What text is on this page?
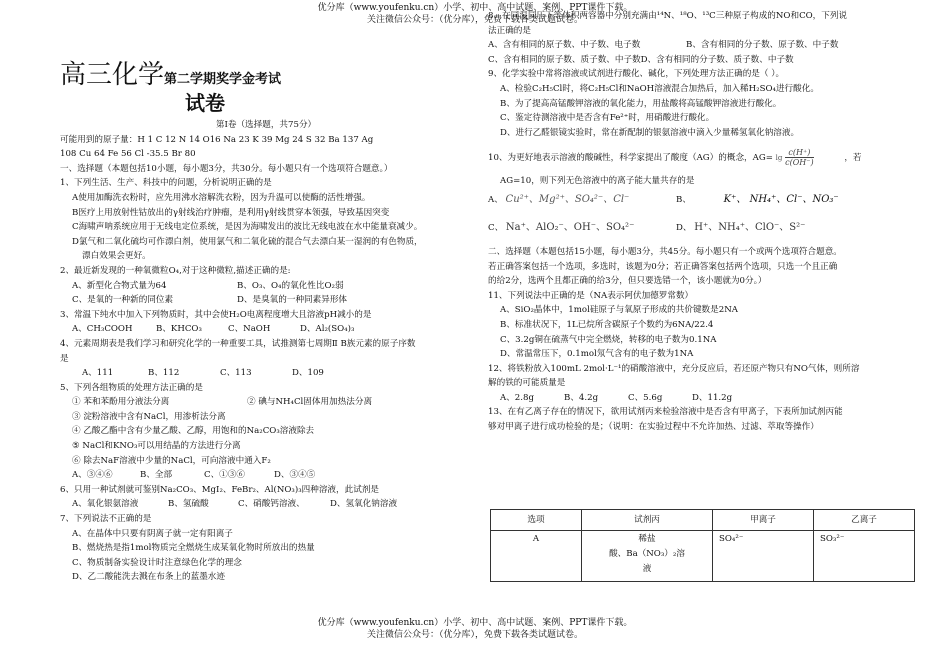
优分库（www.youfenku.cn）小学、初中、高中试题、案例、PPT课件下载。
关注微信公众号：（优分库），免费下载各类试题试卷。
高三化学第二学期奖学金考试
试卷
第Ⅰ卷（选择题，共75分）
可能用到的原子量：H 1 C 12 N 14 O16 Na 23 K 39 Mg 24 S 32 Ba 137 Ag
108 Cu 64 Fe 56 Cl -35.5 Br 80
一、选择题（本题包括10小题，每小题3分，共30分。每小题只有一个选项符合题意。）
1、下列生活、生产、科技中的问题，分析说明正确的是
A使用加酶洗衣粉时，应先用沸水溶解洗衣粉，因为升温可以使酶的活性增强。
B医疗上用放射性钴放出的γ射线治疗肿瘤，是利用γ射线贯穿本领强，导致基因突变
C海啸声呐系统应用于无线电定位系统，是因为海啸发出的波比无线电波在水中能量衰减少。
D氯气和二氧化硫均可作漂白剂，使用氯气和二氧化硫的混合气去漂白某一湿润的有色物质，
漂白效果会更好。
2、最近新发现的一种氧微粒O₄,对于这种微粒,描述正确的是:
A、新型化合物式量为64	B、O₃、O₄的氧化性比O₂弱
C、是氧的一种新的同位素	D、是臭氧的一种同素异形体
3、常温下纯水中加入下列物质时，其中会使H₂O电离程度增大且溶液pH减小的是
A、CH₃COOH	B、KHCO₃	C、NaOH	D、Al₂(SO₄)₃
4、元素周期表是我们学习和研究化学的一种重要工具，试推测第七周期Ⅱ B族元素的原子序数
是
A、111	B、112	C、113	D、109
5、下列各组物质的处理方法正确的是
① 苯和苯酚用分液法分离	② 碘与NH₄Cl固体用加热法分离
③ 淀粉溶液中含有NaCl，用渗析法分离
④ 乙酸乙酯中含有少量乙酸、乙醇，用饱和的Na₂CO₃溶液除去
⑤ NaCl和KNO₃可以用结晶的方法进行分离
⑥ 除去NaF溶液中少量的NaCl，可向溶液中通入F₂
A、③④⑥	B、全部	C、①③⑥	D、③④⑤
6、只用一种试剂就可鉴别Na₂CO₃、MgI₂、FeBr₂、Al(NO₃)₃四种溶液，此试剂是
A、氧化银氨溶液	B、氢硫酸	C、硝酸钙溶液、	D、氢氧化钠溶液
7、下列说法不正确的是
A、在晶体中只要有阴离子就一定有阳离子
B、燃烧热是指1mol物质完全燃烧生成某氧化物时所放出的热量
C、物质制备实验设计时注意绿色化学的理念
D、乙二酸能洗去溅在布条上的蓝墨水迹
8、在同温同压下等体积两容器中分别充满由¹⁴N、¹⁸O、¹³C三种原子构成的NO和CO，下列说
法正确的是
A、含有相同的原子数、中子数、电子数	B、含有相同的分子数、原子数、中子数
C、含有相同的原子数、质子数、中子数D、含有相同的分子数、质子数、中子数
9、化学实验中常将溶液或试剂进行酸化、碱化，下列处理方法正确的是（ ）。
A、检验C₂H₅Cl时，将C₂H₅Cl和NaOH溶液混合加热后，加入稀H₂SO₄进行酸化。
B、为了提高高锰酸钾溶液的氧化能力，用盐酸将高锰酸钾溶液进行酸化。
C、鉴定待测溶液中是否含有Fe²⁺时，用硝酸进行酸化。
D、进行乙醛银镜实验时，常在新配制的银氨溶液中滴入少量稀氢氧化钠溶液。
10、为更好地表示溶液的酸碱性，科学家提出了酸度（AG）的概念，$AG= \lg \frac{c(H^+)}{c(OH^-)}$	，若
AG=10，则下列无色溶液中的离子能大量共存的是
A、 Cu²⁺、Mg²⁺、SO₄²⁻、Cl⁻	B、	K⁺、 NH₄⁺、Cl⁻、NO₃⁻
C、 Na⁺、AlO₂⁻、OH⁻、SO₄²⁻	D、 H⁺、NH₄⁺、ClO⁻、S²⁻
二、选择题（本题包括15小题，每小题3分，共45分。每小题只有一个或两个选项符合题意。
若正确答案包括一个选项，多选时，该题为0分；若正确答案包括两个选项，只选一个且正确
的给2分，选两个且都正确的给3分，但只要选错一个，该小题就为0分。）
11、下列说法中正确的是（NA表示阿伏加德罗常数）
A、SiO₂晶体中，1mol硅原子与氧原子形成的共价键数是2NA
B、标准状况下，1L已烷所含碳原子个数约为6NA/22.4
C、3.2g铜在硫蒸气中完全燃烧，转移的电子数为0.1NA
D、常温常压下，0.1mol氖气含有的电子数为1NA
12、将铁粉放入100mL 2mol·L⁻¹的硝酸溶液中，充分反应后，若还原产物只有NO气体，则所溶
解的铁的可能质量是
A、2.8g	B、4.2g	C、5.6g	D、11.2g
13、在有乙离子存在的情况下，欲用试剂丙来检验溶液中是否含有甲离子，下表所加试剂丙能
够对甲离子进行成功检验的是；（说明：在实验过程中不允许加热、过滤、萃取等操作）
选项	试剂丙	甲离子	乙离子
A	稀盐
酸、Ba（NO₃）₂溶
液	SO₄²⁻	SO₃²⁻
优分库（www.youfenku.cn）小学、初中、高中试题、案例、PPT课件下载。
关注微信公众号：（优分库），免费下载各类试题试卷。
